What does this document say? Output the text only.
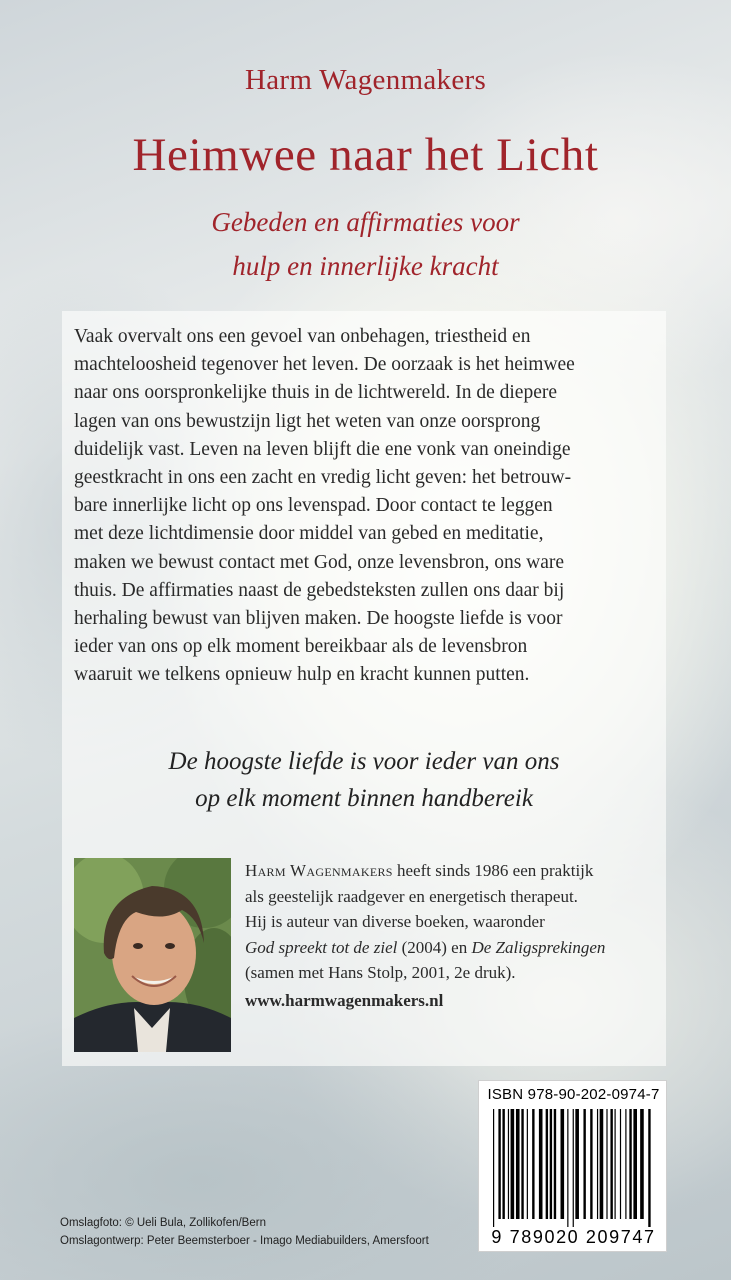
Harm Wagenmakers
Heimwee naar het Licht
Gebeden en affirmaties voor
hulp en innerlijke kracht
Vaak overvalt ons een gevoel van onbehagen, triestheid en
machteloosheid tegenover het leven. De oorzaak is het heimwee
naar ons oorspronkelijke thuis in de lichtwereld. In de diepere
lagen van ons bewustzijn ligt het weten van onze oorsprong
duidelijk vast. Leven na leven blijft die ene vonk van oneindige
geestkracht in ons een zacht en vredig licht geven: het betrouw-
bare innerlijke licht op ons levenspad. Door contact te leggen
met deze lichtdimensie door middel van gebed en meditatie,
maken we bewust contact met God, onze levensbron, ons ware
thuis. De affirmaties naast de gebedsteksten zullen ons daar bij
herhaling bewust van blijven maken. De hoogste liefde is voor
ieder van ons op elk moment bereikbaar als de levensbron
waaruit we telkens opnieuw hulp en kracht kunnen putten.
De hoogste liefde is voor ieder van ons
op elk moment binnen handbereik
Harm Wagenmakers heeft sinds 1986 een praktijk
als geestelijk raadgever en energetisch therapeut.
Hij is auteur van diverse boeken, waaronder
God spreekt tot de ziel (2004) en De Zaligsprekingen
(samen met Hans Stolp, 2001, 2e druk).
www.harmwagenmakers.nl
ISBN 978-90-202-0974-7
9 789020 209747
Omslagfoto: © Ueli Bula, Zollikofen/Bern
Omslagontwerp: Peter Beemsterboer - Imago Mediabuilders, Amersfoort
